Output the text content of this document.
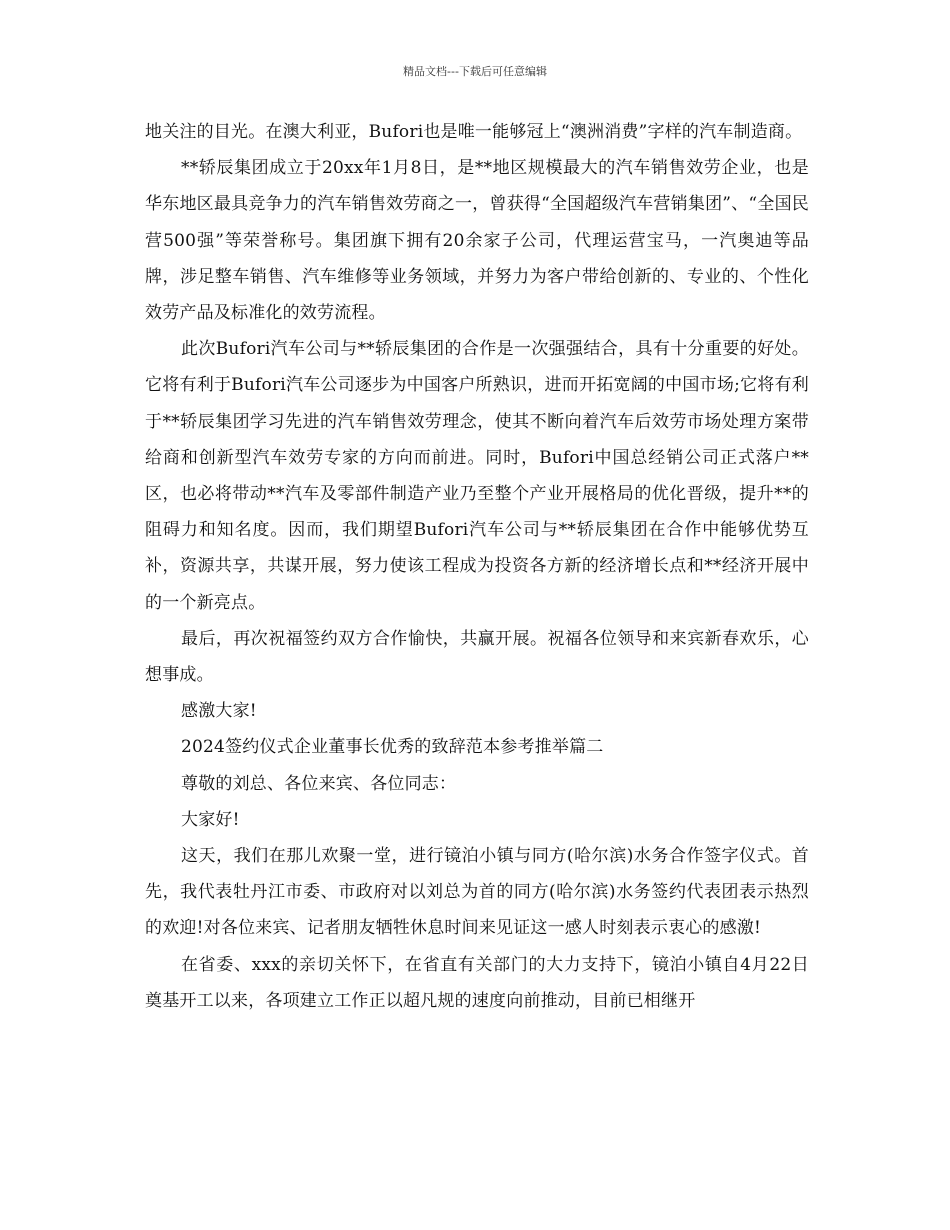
精品文档---下载后可任意编辑

地关注的目光。在澳大利亚，Bufori也是唯一能够冠上“澳洲消费”字样的汽车制造商。

**轿辰集团成立于20xx年1月8日，是**地区规模最大的汽车销售效劳企业，也是华东地区最具竞争力的汽车销售效劳商之一，曾获得“全国超级汽车营销集团”、“全国民营500强”等荣誉称号。集团旗下拥有20余家子公司，代理运营宝马，一汽奥迪等品牌，涉足整车销售、汽车维修等业务领域，并努力为客户带给创新的、专业的、个性化效劳产品及标准化的效劳流程。

此次Bufori汽车公司与**轿辰集团的合作是一次强强结合，具有十分重要的好处。它将有利于Bufori汽车公司逐步为中国客户所熟识，进而开拓宽阔的中国市场;它将有利于**轿辰集团学习先进的汽车销售效劳理念，使其不断向着汽车后效劳市场处理方案带给商和创新型汽车效劳专家的方向而前进。同时，Bufori中国总经销公司正式落户**区，也必将带动**汽车及零部件制造产业乃至整个产业开展格局的优化晋级，提升**的阻碍力和知名度。因而，我们期望Bufori汽车公司与**轿辰集团在合作中能够优势互补，资源共享，共谋开展，努力使该工程成为投资各方新的经济增长点和**经济开展中的一个新亮点。

最后，再次祝福签约双方合作愉快，共赢开展。祝福各位领导和来宾新春欢乐，心想事成。

感激大家!

2024签约仪式企业董事长优秀的致辞范本参考推举篇二

尊敬的刘总、各位来宾、各位同志：

大家好!

这天，我们在那儿欢聚一堂，进行镜泊小镇与同方(哈尔滨)水务合作签字仪式。首先，我代表牡丹江市委、市政府对以刘总为首的同方(哈尔滨)水务签约代表团表示热烈的欢迎!对各位来宾、记者朋友牺牲休息时间来见证这一感人时刻表示衷心的感激!

在省委、xxx的亲切关怀下，在省直有关部门的大力支持下，镜泊小镇自4月22日奠基开工以来，各项建立工作正以超凡规的速度向前推动，目前已相继开
